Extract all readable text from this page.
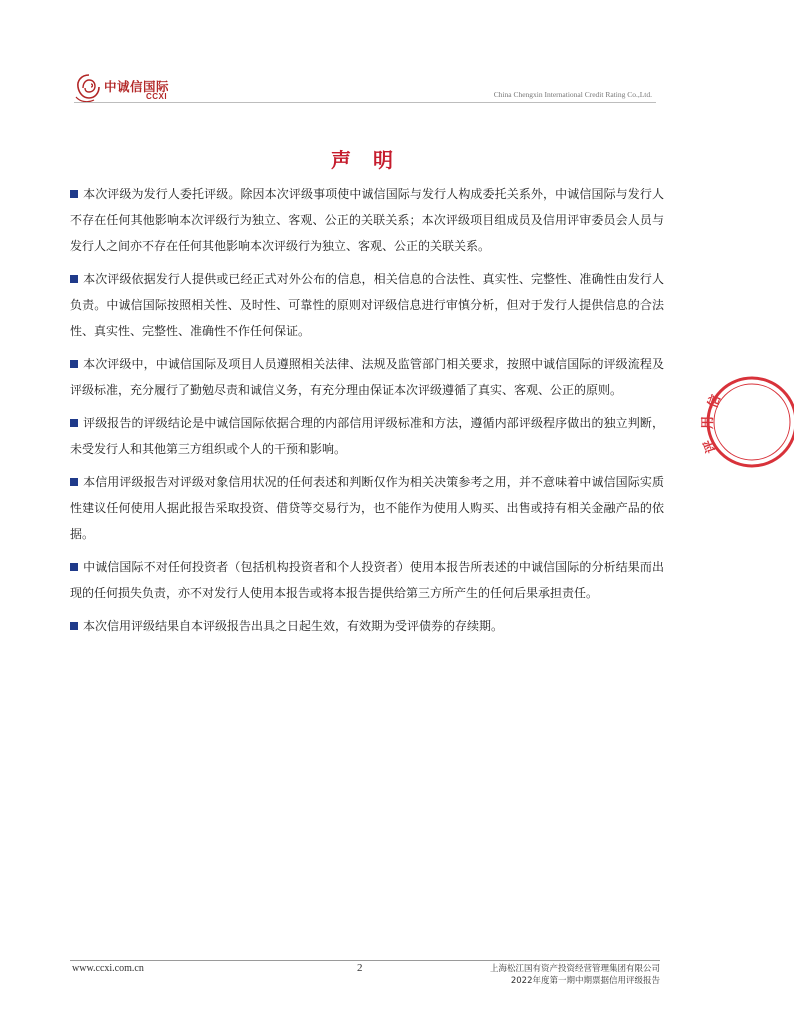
中诚信国际
CCXI	China Chengxin International Credit Rating Co.,Ltd.
声明

本次评级为发行人委托评级。除因本次评级事项使中诚信国际与发行人构成委托关系外，中诚信国际与发行人不存在任何其他影响本次评级行为独立、客观、公正的关联关系；本次评级项目组成员及信用评审委员会人员与发行人之间亦不存在任何其他影响本次评级行为独立、客观、公正的关联关系。

本次评级依据发行人提供或已经正式对外公布的信息，相关信息的合法性、真实性、完整性、准确性由发行人负责。中诚信国际按照相关性、及时性、可靠性的原则对评级信息进行审慎分析，但对于发行人提供信息的合法性、真实性、完整性、准确性不作任何保证。

本次评级中，中诚信国际及项目人员遵照相关法律、法规及监管部门相关要求，按照中诚信国际的评级流程及评级标准，充分履行了勤勉尽责和诚信义务，有充分理由保证本次评级遵循了真实、客观、公正的原则。

评级报告的评级结论是中诚信国际依据合理的内部信用评级标准和方法，遵循内部评级程序做出的独立判断，未受发行人和其他第三方组织或个人的干预和影响。

本信用评级报告对评级对象信用状况的任何表述和判断仅作为相关决策参考之用，并不意味着中诚信国际实质性建议任何使用人据此报告采取投资、借贷等交易行为，也不能作为使用人购买、出售或持有相关金融产品的依据。

中诚信国际不对任何投资者（包括机构投资者和个人投资者）使用本报告所表述的中诚信国际的分析结果而出现的任何损失负责，亦不对发行人使用本报告或将本报告提供给第三方所产生的任何后果承担责任。

本次信用评级结果自本评级报告出具之日起生效，有效期为受评债券的存续期。

信
用
评
www.ccxi.com.cn	2	上海松江国有资产投资经营管理集团有限公司
2022年度第一期中期票据信用评级报告
